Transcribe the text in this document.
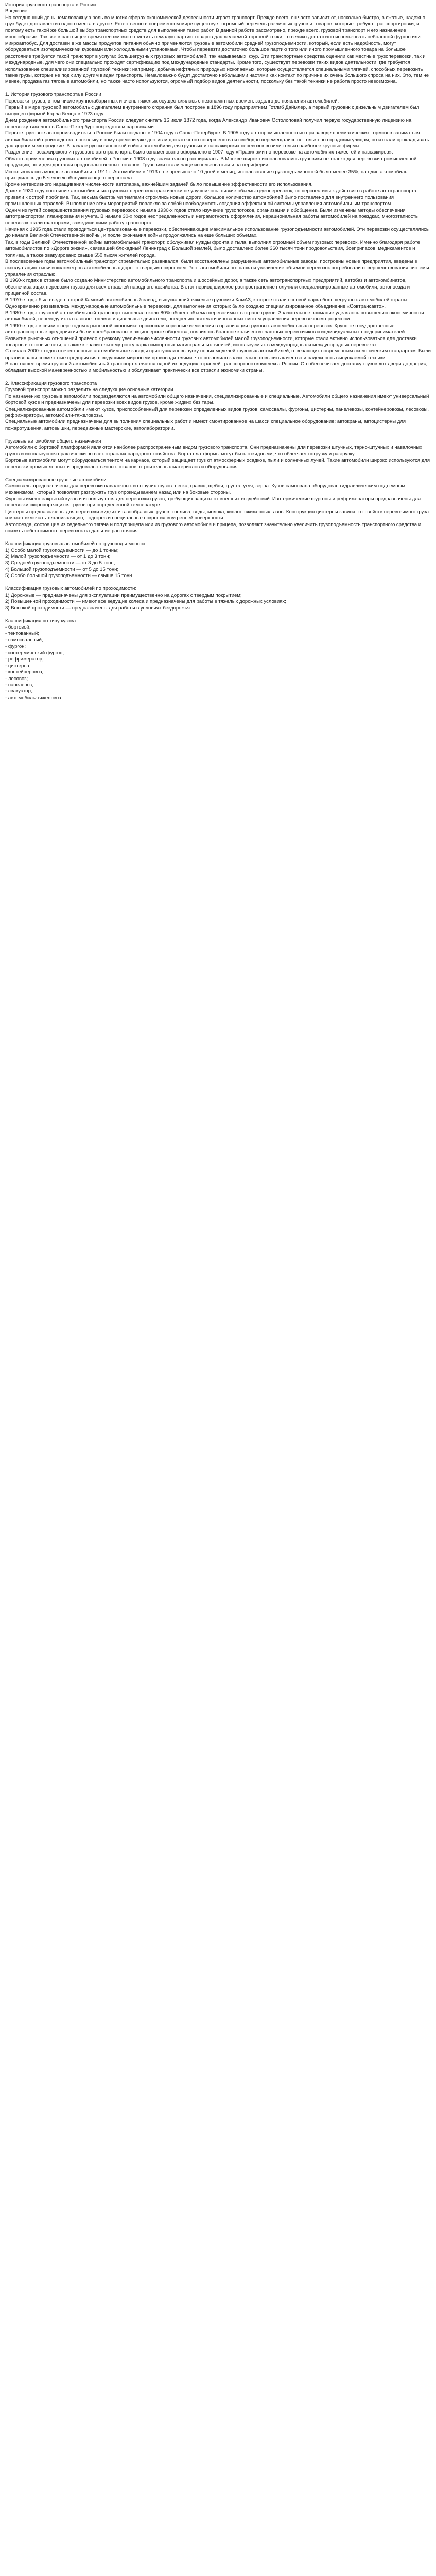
История грузового транспорта в России

Введение

На сегодняшний день немаловажную роль во многих сферах экономической деятельности играет транспорт. Прежде всего, он часто зависит от, насколько быстро, в сжатые, надежно груз будет доставлен из одного места в другое. Естественно в современном мире существует огромный перечень различных грузов и товаров, которые требуют транспортировки, и поэтому есть такой же большой выбор транспортных средств для выполнения таких работ. В данной работе рассмотрено, прежде всего, грузовой транспорт и его назначение многообразие. Так, же в настоящее время невозможно отметить немалую партию товаров для желаемой торговой точки, то велико достаточно использовать небольшой фургон или микроавтобус. Для доставки в же массы продуктов питания обычно применяются грузовые автомобили средней грузоподъемности, который, если есть надобность, могут оборудоваться изотермическими кузовами или холодильными установками. Чтобы перевезти достаточно большое партию того или иного промышленного товара на большое расстояние требуется такой транспорт в услугах большегрузных грузовых автомобилей, так называемых, фур. Эти транспортные средства оценили как местные грузоперевозки, так и международные, для чего они специально проходят сертификацию под международные стандарты. Кроме того, существует перевозки таких видов деятельности, где требуется использование специализированной грузовой техники: например, добыча нефтяных природных ископаемых, которые осуществляется специальными тягачей, способных перевозить такие грузы, которые не под силу другим видам транспорта. Немаловажно будет достаточно небольшими частями как контакт по причине их очень большого спроса на них. Это, тем не менее, продажа газ тяговые автомобили, но также часто используются, огромный подбор видов деятельности, поскольку без такой техники не работа просто невозможна.

1. История грузового транспорта в России

Перевозки грузов, в том числе крупногабаритных и очень тяжелых осуществлялась с незапамятных времен. задолго до появления автомобилей.

Первый в мире грузовой автомобиль с двигателем внутреннего сгорания был построен в 1896 году предприятием Готлиб Даймлер, а первый грузовик с дизельным двигателем был выпущен фирмой Карла Бенца в 1923 году.

Днем рождения автомобильного транспорта России следует считать 16 июля 1872 года, когда Александр Иванович Остолоповай получил первую государственную лицензию на перевозку тяжелого в Санкт-Петербург посредством паровиками.

Первые грузовые автопроизводители в России были созданы в 1904 году в Санкт-Петербурге. В 1905 году автопромышленностью при заводе пневматических тормозов заниматься автомобильной производства, поскольку в тому времени уже достигли достаточного совершенства и свободно перемещались не только по городским улицам, но и стали прокладывать для дороги межгородские. В начале русско-японской войны автомобили для грузовых и пассажирских перевозок возили только наиболее крупные фирмы.

Разделение пассажирского и грузового автотранспорта было ознаменовано оформлено в 1907 году «Правилами по перевозке на автомобилях тяжестей и пассажиров».

Область применения грузовых автомобилей в России в 1908 году значительно расширилась. В Москве широко использовались грузовики не только для перевозки промышленной продукции, но и для доставки продовольственных товаров. Грузовики стали чаще использоваться и на периферии.

Использовались мощные автомобили в 1911 г. Автомобили в 1913 г. не превышало 10 дней в месяц, использование грузоподъемностей было менее 35%, на один автомобиль приходилось до 5 человек обслуживающего персонала.

Кроме интенсивного наращивания численности автопарка, важнейшим задачей было повышение эффективности его использования.

Даже в 1930 году состояние автомобильных грузовых перевозок практически не улучшилось: низкие объемы грузоперевозок, но перспективы к действию в работе автотранспорта привели к острой проблеме. Так, весьма быстрыми темпами строились новые дороги, большое количество автомобилей было поставлено для внутреннего пользования промышленных отраслей. Выполнение этих мероприятий повлекло за собой необходимость создания эффективной системы управления автомобильным транспортом.

Одним из путей совершенствования грузовых перевозок с начала 1930-х годов стало изучение грузопотоков, организация и обобщение. Были изменены методы обеспечения автотранспортом, планирования и учета. В начале 30-х годов неопределенность и неграмотность оформления, нерациональная работы автомобилей на поездках, многоэтапность перевозок стали факторами, замедлившими работу транспорта.

Начиная с 1935 года стали проводиться централизованные перевозки, обеспечивающие максимальное использование грузоподъемности автомобилей. Эти перевозки осуществлялись до начала Великой Отечественной войны, и после окончания войны продолжались на еще больших объемах.

Так, в годы Великой Отечественной войны автомобильный транспорт, обслуживал нужды фронта и тыла, выполнил огромный объем грузовых перевозок. Именно благодаря работе автомобилистов по «Дороге жизни», связавшей блокадный Ленинград с Большой землей, было доставлено более 360 тысяч тонн продовольствия, боеприпасов, медикаментов и топлива, а также эвакуировано свыше 550 тысяч жителей города.

В послевоенные годы автомобильный транспорт стремительно развивался: были восстановлены разрушенные автомобильные заводы, построены новые предприятия, введены в эксплуатацию тысячи километров автомобильных дорог с твердым покрытием. Рост автомобильного парка и увеличение объемов перевозок потребовали совершенствования системы управления отраслью.

В 1960-х годах в стране было создано Министерство автомобильного транспорта и шоссейных дорог, а также сеть автотранспортных предприятий, автобаз и автокомбинатов, обеспечивающих перевозки грузов для всех отраслей народного хозяйства. В этот период широкое распространение получили специализированные автомобили, автопоезда и прицепной состав.

В 1970-е годы был введен в строй Камский автомобильный завод, выпускавший тяжелые грузовики КамАЗ, которые стали основой парка большегрузных автомобилей страны. Одновременно развивались международные автомобильные перевозки, для выполнения которых было создано специализированное объединение «Совтрансавто».

В 1980-е годы грузовой автомобильный транспорт выполнял около 80% общего объема перевозимых в стране грузов. Значительное внимание уделялось повышению экономичности автомобилей, переводу их на газовое топливо и дизельные двигатели, внедрению автоматизированных систем управления перевозочным процессом.

В 1990-е годы в связи с переходом к рыночной экономике произошли коренные изменения в организации грузовых автомобильных перевозок. Крупные государственные автотранспортные предприятия были преобразованы в акционерные общества, появилось большое количество частных перевозчиков и индивидуальных предпринимателей.

Развитие рыночных отношений привело к резкому увеличению численности грузовых автомобилей малой грузоподъемности, которые стали активно использоваться для доставки товаров в торговые сети, а также к значительному росту парка импортных магистральных тягачей, используемых в междугородных и международных перевозках.

С начала 2000-х годов отечественные автомобильные заводы приступили к выпуску новых моделей грузовых автомобилей, отвечающих современным экологическим стандартам. Были организованы совместные предприятия с ведущими мировыми производителями, что позволило значительно повысить качество и надежность выпускаемой техники.

В настоящее время грузовой автомобильный транспорт является одной из ведущих отраслей транспортного комплекса России. Он обеспечивает доставку грузов «от двери до двери», обладает высокой маневренностью и мобильностью и обслуживает практически все отрасли экономики страны.

2. Классификация грузового транспорта

Грузовой транспорт можно разделить на следующие основные категории.

По назначению грузовые автомобили подразделяются на автомобили общего назначения, специализированные и специальные. Автомобили общего назначения имеют универсальный бортовой кузов и предназначены для перевозки всех видов грузов, кроме жидких без тары.

Специализированные автомобили имеют кузов, приспособленный для перевозки определенных видов грузов: самосвалы, фургоны, цистерны, панелевозы, контейнеровозы, лесовозы, рефрижераторы, автомобили-тяжеловозы.

Специальные автомобили предназначены для выполнения специальных работ и имеют смонтированное на шасси специальное оборудование: автокраны, автоцистерны для пожаротушения, автовышки, передвижные мастерские, автолаборатории.

Грузовые автомобили общего назначения

Автомобили с бортовой платформой являются наиболее распространенным видом грузового транспорта. Они предназначены для перевозки штучных, тарно-штучных и навалочных грузов и используются практически во всех отраслях народного хозяйства. Борта платформы могут быть откидными, что облегчает погрузку и разгрузку.

Бортовые автомобили могут оборудоваться тентом на каркасе, который защищает груз от атмосферных осадков, пыли и солнечных лучей. Такие автомобили широко используются для перевозки промышленных и продовольственных товаров, строительных материалов и оборудования.

Специализированные грузовые автомобили

Самосвалы предназначены для перевозки навалочных и сыпучих грузов: песка, гравия, щебня, грунта, угля, зерна. Кузов самосвала оборудован гидравлическим подъемным механизмом, который позволяет разгружать груз опрокидыванием назад или на боковые стороны.

Фургоны имеют закрытый кузов и используются для перевозки грузов, требующих защиты от внешних воздействий. Изотермические фургоны и рефрижераторы предназначены для перевозки скоропортящихся грузов при определенной температуре.

Цистерны предназначены для перевозки жидких и газообразных грузов: топлива, воды, молока, кислот, сжиженных газов. Конструкция цистерны зависит от свойств перевозимого груза и может включать теплоизоляцию, подогрев и специальные покрытия внутренней поверхности.

Автопоезда, состоящие из седельного тягача и полуприцепа или из грузового автомобиля и прицепа, позволяют значительно увеличить грузоподъемность транспортного средства и снизить себестоимость перевозок на дальние расстояния.

Классификация грузовых автомобилей по грузоподъемности:

1) Особо малой грузоподъемности — до 1 тонны;

2) Малой грузоподъемности — от 1 до 3 тонн;

3) Средней грузоподъемности — от 3 до 5 тонн;

4) Большой грузоподъемности — от 5 до 15 тонн;

5) Особо большой грузоподъемности — свыше 15 тонн.

Классификация грузовых автомобилей по проходимости:

1) Дорожные — предназначены для эксплуатации преимущественно на дорогах с твердым покрытием;

2) Повышенной проходимости — имеют все ведущие колеса и предназначены для работы в тяжелых дорожных условиях;

3) Высокой проходимости — предназначены для работы в условиях бездорожья.

Классификация по типу кузова:

- бортовой;

- тентованный;

- самосвальный;

- фургон;

- изотермический фургон;

- рефрижератор;

- цистерна;

- контейнеровоз;

- лесовоз;

- панелевоз;

- эвакуатор;

- автомобиль-тяжеловоз.
